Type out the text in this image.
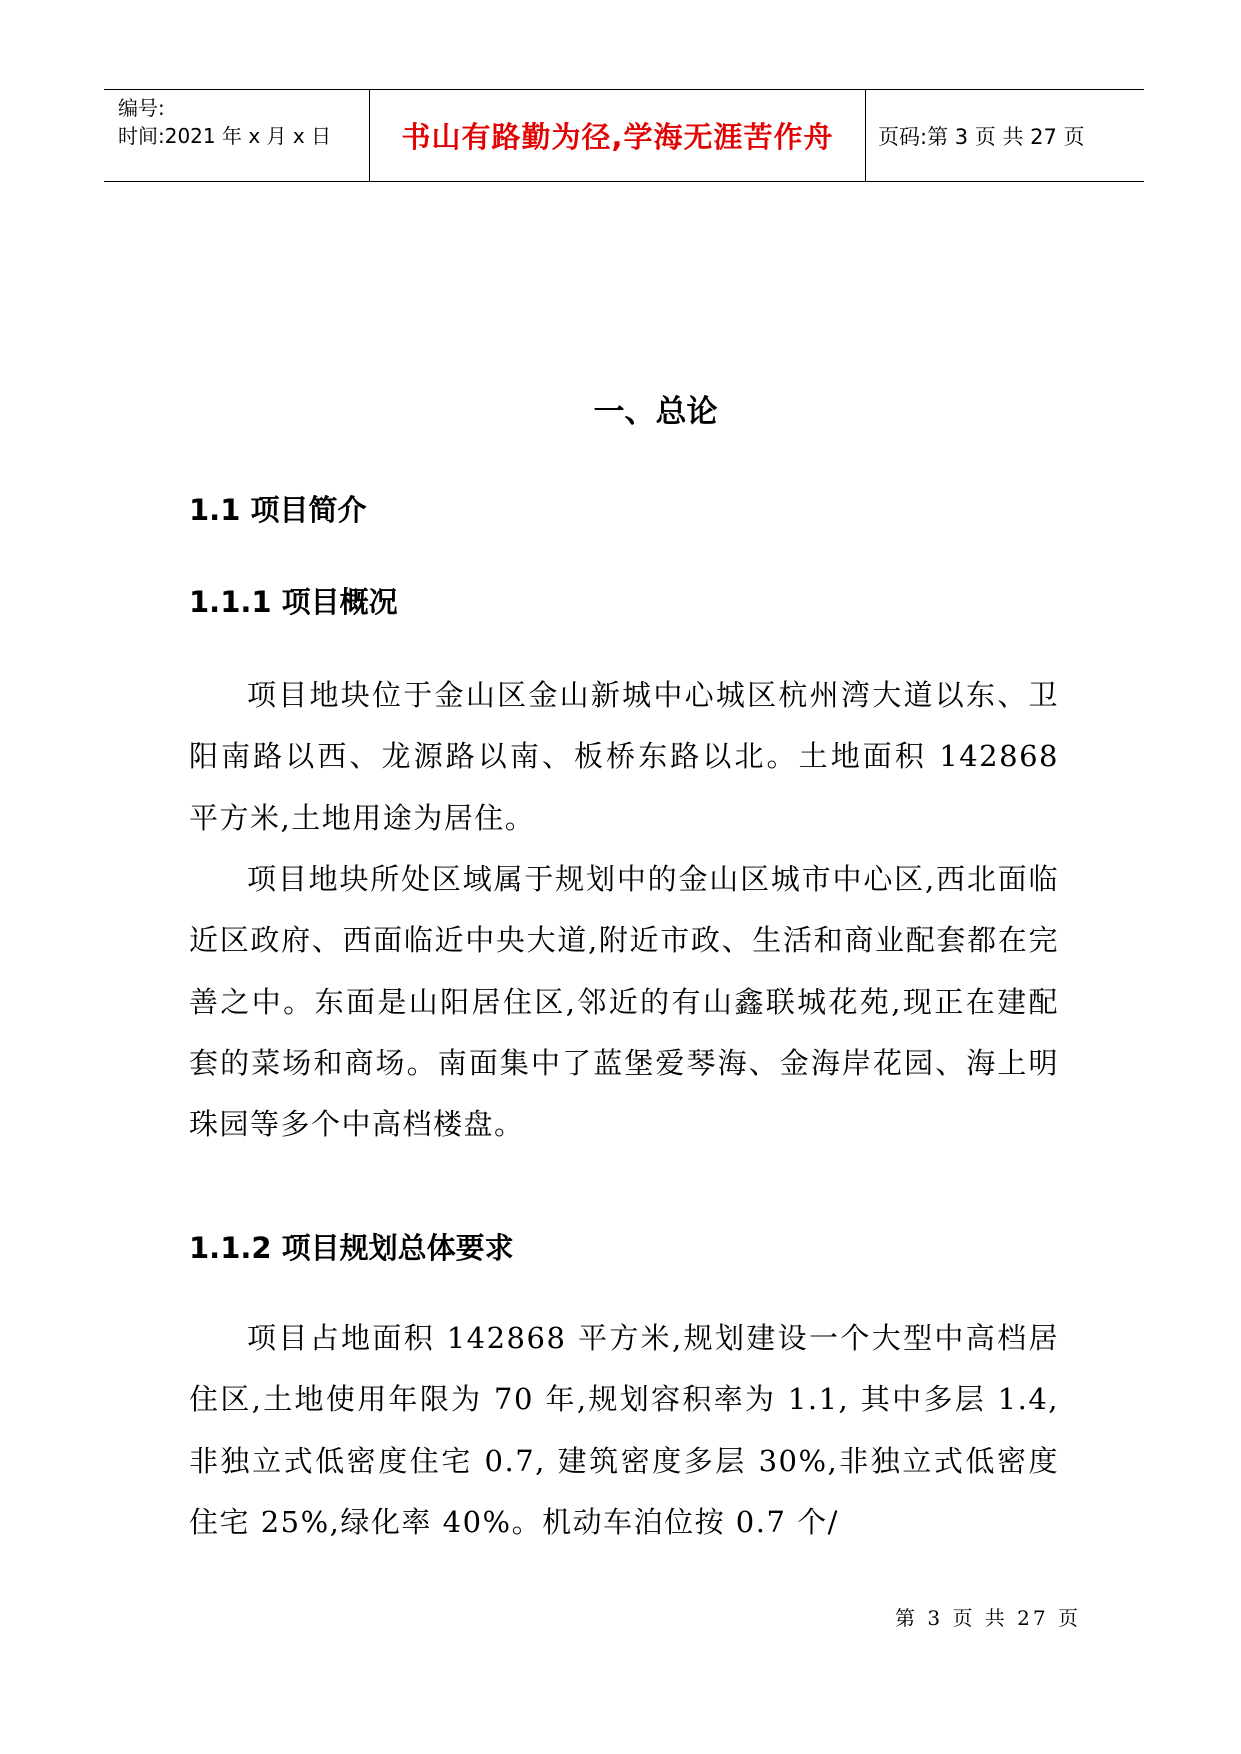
编号:
时间:2021 年 x 月 x 日	书山有路勤为径,学海无涯苦作舟 页码:第 3 页 共 27 页
一、总论
1.1 项目简介
1.1.1 项目概况

项目地块位于金山区金山新城中心城区杭州湾大道以东、卫阳南路以西、龙源路以南、板桥东路以北。土地面积 142868 平方米,土地用途为居住。

项目地块所处区域属于规划中的金山区城市中心区,西北面临近区政府、西面临近中央大道,附近市政、生活和商业配套都在完善之中。东面是山阳居住区,邻近的有山鑫联城花苑,现正在建配套的菜场和商场。南面集中了蓝堡爱琴海、金海岸花园、海上明珠园等多个中高档楼盘。

1.1.2 项目规划总体要求

项目占地面积 142868 平方米,规划建设一个大型中高档居住区,土地使用年限为 70 年,规划容积率为 1.1, 其中多层 1.4, 非独立式低密度住宅 0.7, 建筑密度多层 30%,非独立式低密度住宅 25%,绿化率 40%。机动车泊位按 0.7 个/

第 3 页 共 27 页
